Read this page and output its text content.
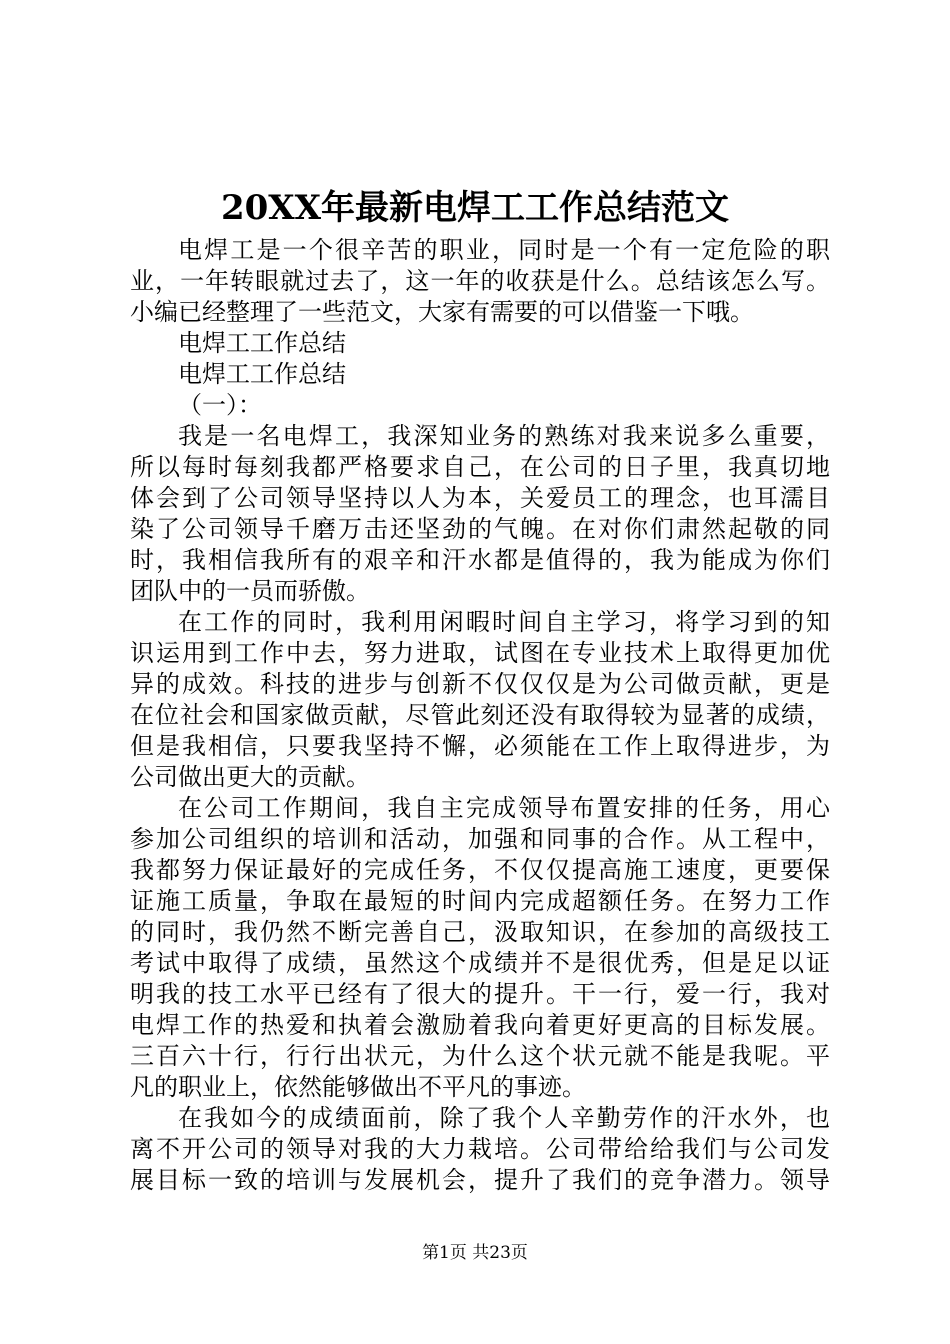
20XX年最新电焊工工作总结范文
电焊工是一个很辛苦的职业，同时是一个有一定危险的职
业，一年转眼就过去了，这一年的收获是什么。总结该怎么写。
小编已经整理了一些范文，大家有需要的可以借鉴一下哦。
电焊工工作总结
电焊工工作总结
（一）：
我是一名电焊工，我深知业务的熟练对我来说多么重要，
所以每时每刻我都严格要求自己，在公司的日子里，我真切地
体会到了公司领导坚持以人为本，关爱员工的理念，也耳濡目
染了公司领导千磨万击还坚劲的气魄。在对你们肃然起敬的同
时，我相信我所有的艰辛和汗水都是值得的，我为能成为你们
团队中的一员而骄傲。
在工作的同时，我利用闲暇时间自主学习，将学习到的知
识运用到工作中去，努力进取，试图在专业技术上取得更加优
异的成效。科技的进步与创新不仅仅仅是为公司做贡献，更是
在位社会和国家做贡献，尽管此刻还没有取得较为显著的成绩，
但是我相信，只要我坚持不懈，必须能在工作上取得进步，为
公司做出更大的贡献。
在公司工作期间，我自主完成领导布置安排的任务，用心
参加公司组织的培训和活动，加强和同事的合作。从工程中，
我都努力保证最好的完成任务，不仅仅提高施工速度，更要保
证施工质量，争取在最短的时间内完成超额任务。在努力工作
的同时，我仍然不断完善自己，汲取知识，在参加的高级技工
考试中取得了成绩，虽然这个成绩并不是很优秀，但是足以证
明我的技工水平已经有了很大的提升。干一行，爱一行，我对
电焊工作的热爱和执着会激励着我向着更好更高的目标发展。
三百六十行，行行出状元，为什么这个状元就不能是我呢。平
凡的职业上，依然能够做出不平凡的事迹。
在我如今的成绩面前，除了我个人辛勤劳作的汗水外，也
离不开公司的领导对我的大力栽培。公司带给给我们与公司发
展目标一致的培训与发展机会，提升了我们的竞争潜力。领导
第1页 共23页
